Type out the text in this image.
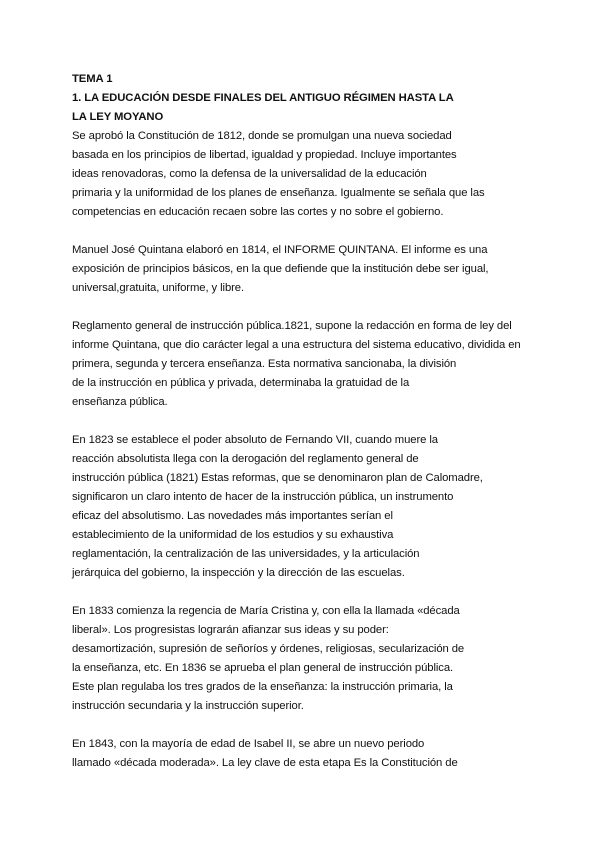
TEMA 1
1. LA EDUCACIÓN DESDE FINALES DEL ANTIGUO RÉGIMEN HASTA LA
LA LEY MOYANO
Se aprobó la Constitución de 1812, donde se promulgan una nueva sociedad
basada en los principios de libertad, igualdad y propiedad. Incluye importantes
ideas renovadoras, como la defensa de la universalidad de la educación
primaria y la uniformidad de los planes de enseñanza. Igualmente se señala que las
competencias en educación recaen sobre las cortes y no sobre el gobierno.
Manuel José Quintana elaboró en 1814, el INFORME QUINTANA. El informe es una
exposición de principios básicos, en la que defiende que la institución debe ser igual,
universal,gratuita, uniforme, y libre.
Reglamento general de instrucción pública.1821, supone la redacción en forma de ley del
informe Quintana, que dio carácter legal a una estructura del sistema educativo, dividida en
primera, segunda y tercera enseñanza. Esta normativa sancionaba, la división
de la instrucción en pública y privada, determinaba la gratuidad de la
enseñanza pública.
En 1823 se establece el poder absoluto de Fernando VII, cuando muere la
reacción absolutista llega con la derogación del reglamento general de
instrucción pública (1821) Estas reformas, que se denominaron plan de Calomadre,
significaron un claro intento de hacer de la instrucción pública, un instrumento
eficaz del absolutismo. Las novedades más importantes serían el
establecimiento de la uniformidad de los estudios y su exhaustiva
reglamentación, la centralización de las universidades, y la articulación
jerárquica del gobierno, la inspección y la dirección de las escuelas.
En 1833 comienza la regencia de María Cristina y, con ella la llamada «década
liberal». Los progresistas lograrán afianzar sus ideas y su poder:
desamortización, supresión de señoríos y órdenes, religiosas, secularización de
la enseñanza, etc. En 1836 se aprueba el plan general de instrucción pública.
Este plan regulaba los tres grados de la enseñanza: la instrucción primaria, la
instrucción secundaria y la instrucción superior.
En 1843, con la mayoría de edad de Isabel II, se abre un nuevo periodo
llamado «década moderada». La ley clave de esta etapa Es la Constitución de
